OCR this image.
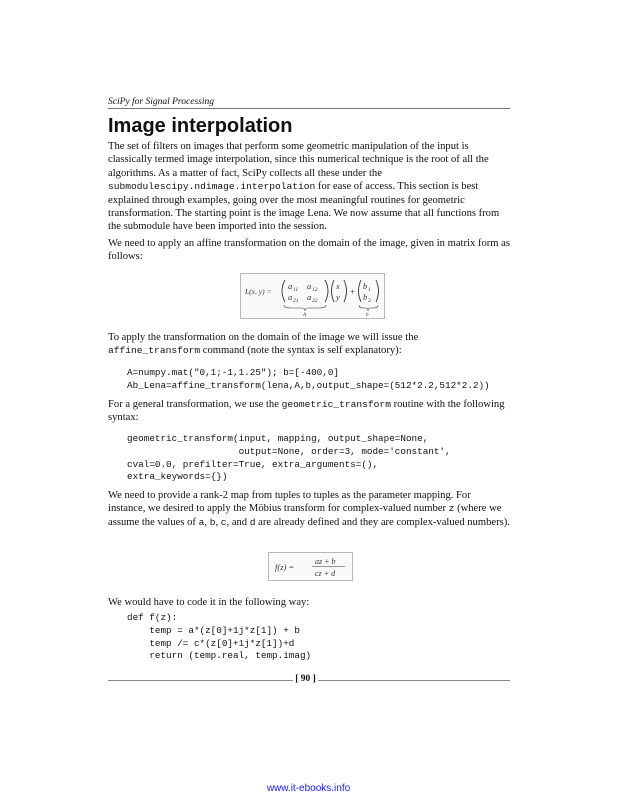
SciPy for Signal Processing
Image interpolation

The set of filters on images that perform some geometric manipulation of the input is classically termed image interpolation, since this numerical technique is the root of all the algorithms. As a matter of fact, SciPy collects all these under the submodulescipy.ndimage.interpolation for ease of access. This section is best explained through examples, going over the most meaningful routines for geometric transformation. The starting point is the image Lena. We now assume that all functions from the submodule have been imported into the session.

We need to apply an affine transformation on the domain of the image, given in matrix form as follows:

L(x, y) =
a 11 a 12
a 21 a 22
A
x
y +
b 1
b 2
b

To apply the transformation on the domain of the image we will issue the affine_transform command (note the syntax is self explanatory):

A=numpy.mat("0,1;-1,1.25"); b=[-400,0]
Ab_Lena=affine_transform(lena,A,b,output_shape=(512*2.2,512*2.2))

For a general transformation, we use the geometric_transform routine with the following syntax:

geometric_transform(input, mapping, output_shape=None,
output=None, order=3, mode='constant',
cval=0.0, prefilter=True, extra_arguments=(),
extra_keywords={})

We need to provide a rank-2 map from tuples to tuples as the parameter mapping. For instance, we desired to apply the Möbius transform for complex-valued number z (where we assume the values of a, b, c, and d are already defined and they are complex-valued numbers).

f(z) =
az + b
cz + d

We would have to code it in the following way:

def f(z):
temp = a*(z[0]+1j*z[1]) + b
temp /= c*(z[0]+1j*z[1])+d
return (temp.real, temp.imag)
[ 90 ]
www.it-ebooks.info
